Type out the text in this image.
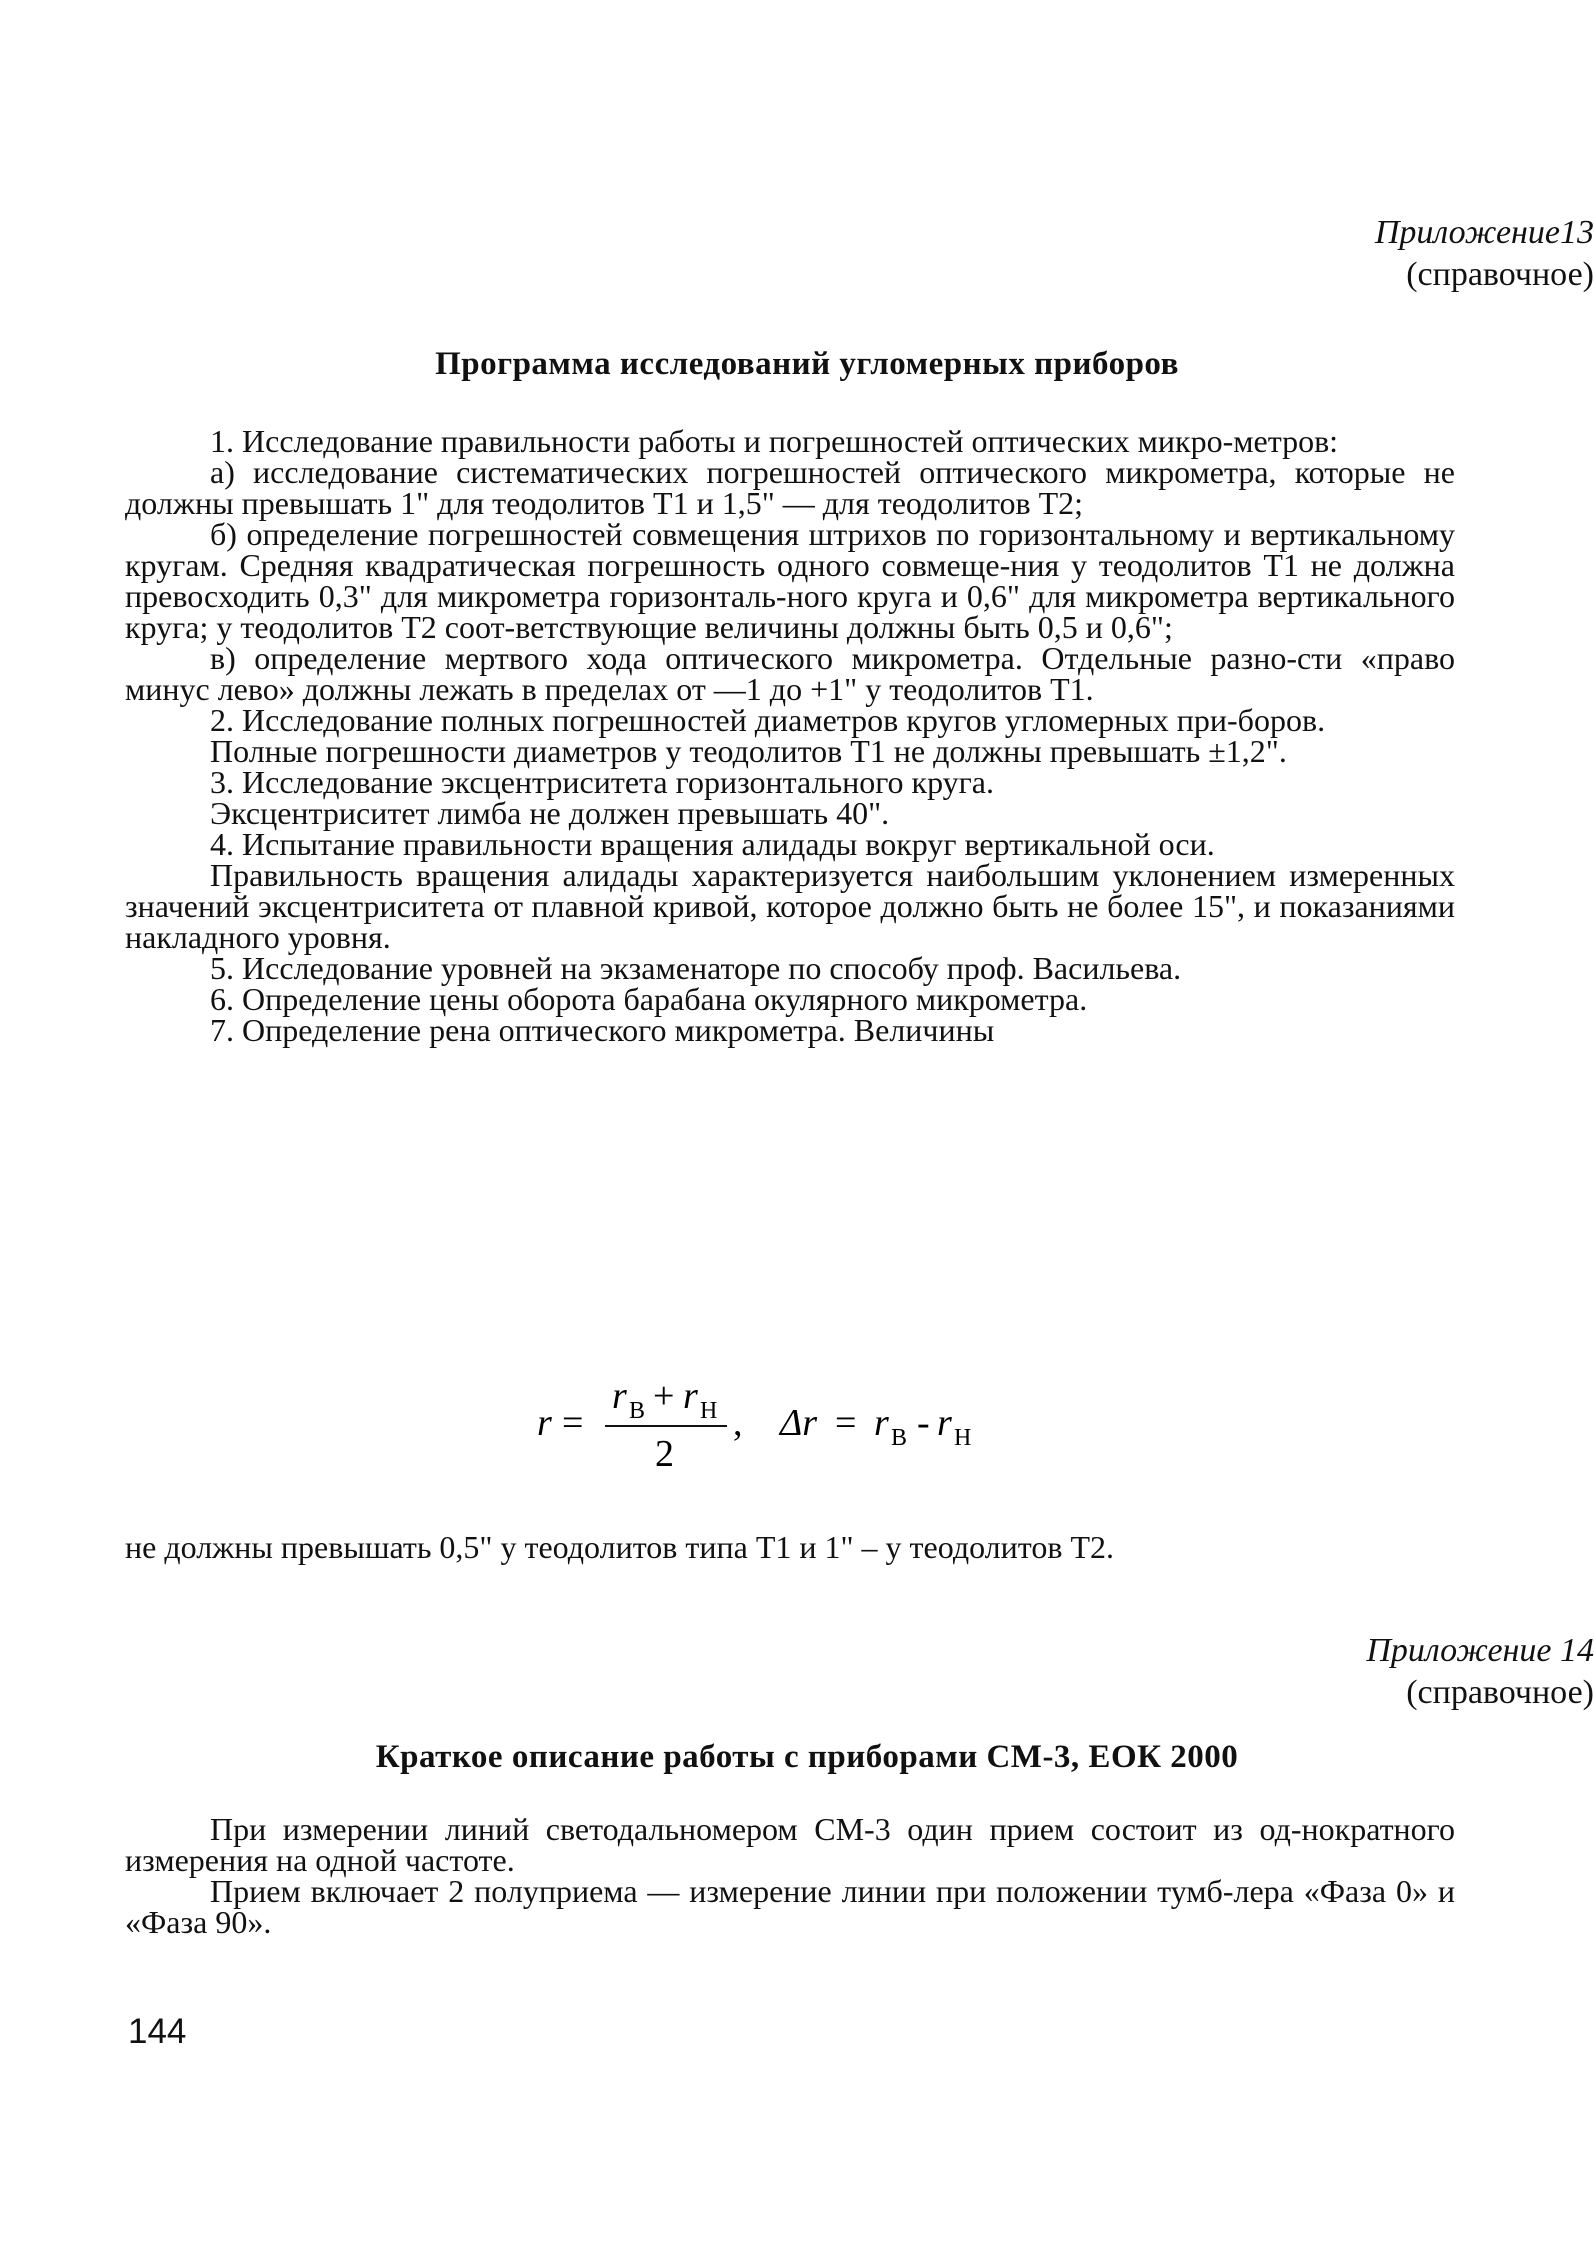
Приложение13
(справочное)
Программа исследований угломерных приборов

1. Исследование правильности работы и погрешностей оптических микро-метров:

а) исследование систематических погрешностей оптического микрометра, которые не должны превышать 1" для теодолитов Т1 и 1,5" — для теодолитов Т2;

б) определение погрешностей совмещения штрихов по горизонтальному и вертикальному кругам. Средняя квадратическая погрешность одного совмеще-ния у теодолитов Т1 не должна превосходить 0,3" для микрометра горизонталь-ного круга и 0,6" для микрометра вертикального круга; у теодолитов Т2 соот-ветствующие величины должны быть 0,5 и 0,6";

в) определение мертвого хода оптического микрометра. Отдельные разно-сти «право минус лево» должны лежать в пределах от —1 до +1" у теодолитов Т1.

2. Исследование полных погрешностей диаметров кругов угломерных при-боров.

Полные погрешности диаметров у теодолитов Т1 не должны превышать ±1,2".

3. Исследование эксцентриситета горизонтального круга.

Эксцентриситет лимба не должен превышать 40".

4. Испытание правильности вращения алидады вокруг вертикальной оси.

Правильность вращения алидады характеризуется наибольшим уклонением измеренных значений эксцентриситета от плавной кривой, которое должно быть не более 15", и показаниями накладного уровня.

5. Исследование уровней на экзаменаторе по способу проф. Васильева.

6. Определение цены оборота барабана окулярного микрометра.

7. Определение рена оптического микрометра. Величины

r =
r В + r Н
2
, Δr = r В - r Н

не должны превышать 0,5" у теодолитов типа Т1 и 1" – у теодолитов Т2.

Приложение 14
(справочное)
Краткое описание работы с приборами СМ-3, ЕОК 2000

При измерении линий светодальномером СМ-3 один прием состоит из од-нократного измерения на одной частоте.

Прием включает 2 полуприема — измерение линии при положении тумб-лера «Фаза 0» и «Фаза 90».

144
